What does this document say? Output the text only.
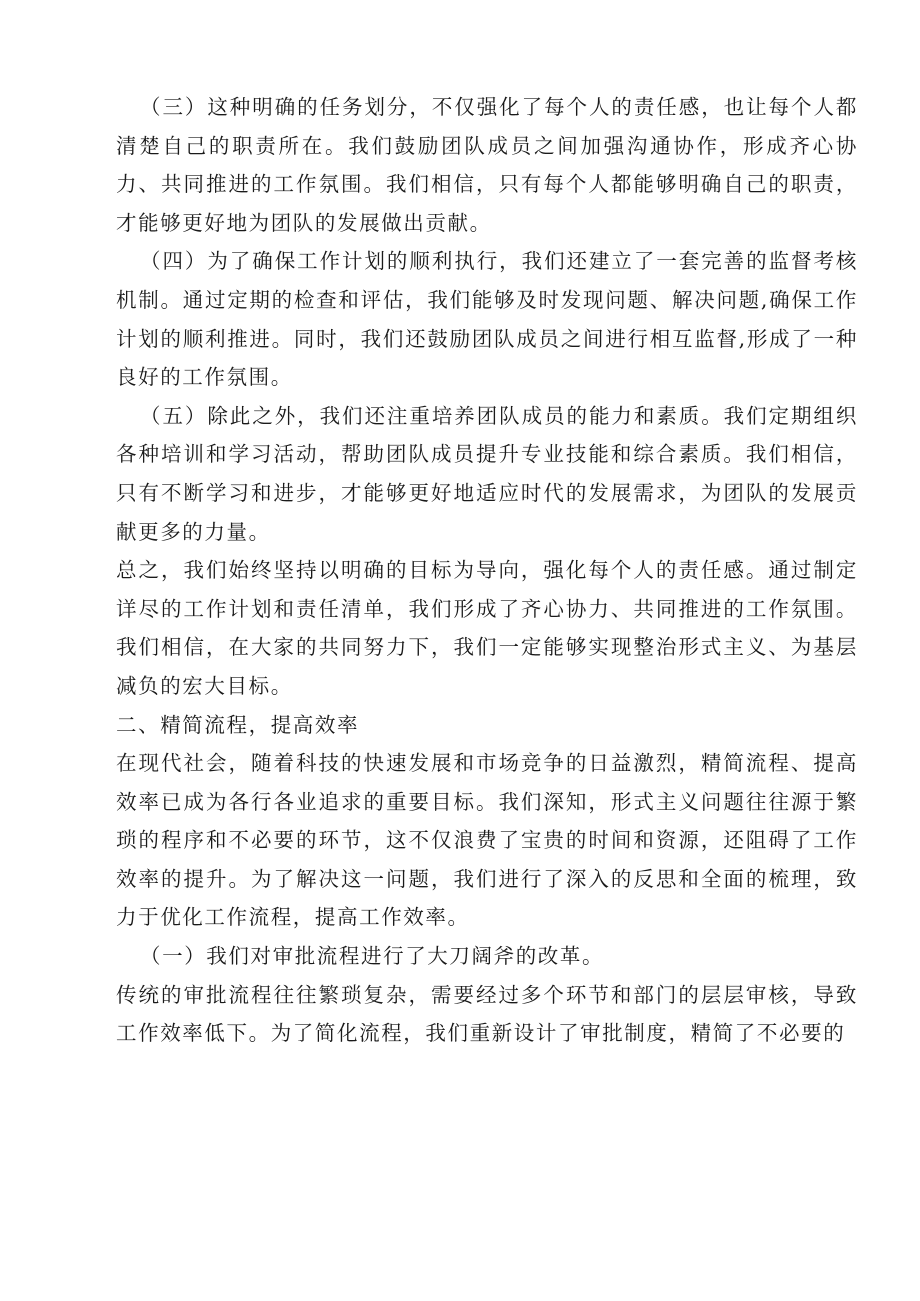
（三）这种明确的任务划分，不仅强化了每个人的责任感，也让每个人都清楚自己的职责所在。我们鼓励团队成员之间加强沟通协作，形成齐心协力、共同推进的工作氛围。我们相信，只有每个人都能够明确自己的职责，才能够更好地为团队的发展做出贡献。

（四）为了确保工作计划的顺利执行，我们还建立了一套完善的监督考核机制。通过定期的检查和评估，我们能够及时发现问题、解决问题,确保工作计划的顺利推进。同时，我们还鼓励团队成员之间进行相互监督,形成了一种良好的工作氛围。

（五）除此之外，我们还注重培养团队成员的能力和素质。我们定期组织各种培训和学习活动，帮助团队成员提升专业技能和综合素质。我们相信，只有不断学习和进步，才能够更好地适应时代的发展需求，为团队的发展贡献更多的力量。

总之，我们始终坚持以明确的目标为导向，强化每个人的责任感。通过制定详尽的工作计划和责任清单，我们形成了齐心协力、共同推进的工作氛围。我们相信，在大家的共同努力下，我们一定能够实现整治形式主义、为基层减负的宏大目标。

二、精简流程，提高效率

在现代社会，随着科技的快速发展和市场竞争的日益激烈，精简流程、提高效率已成为各行各业追求的重要目标。我们深知，形式主义问题往往源于繁琐的程序和不必要的环节，这不仅浪费了宝贵的时间和资源，还阻碍了工作效率的提升。为了解决这一问题，我们进行了深入的反思和全面的梳理，致力于优化工作流程，提高工作效率。

（一）我们对审批流程进行了大刀阔斧的改革。

传统的审批流程往往繁琐复杂，需要经过多个环节和部门的层层审核，导致工作效率低下。为了简化流程，我们重新设计了审批制度，精简了不必要的
